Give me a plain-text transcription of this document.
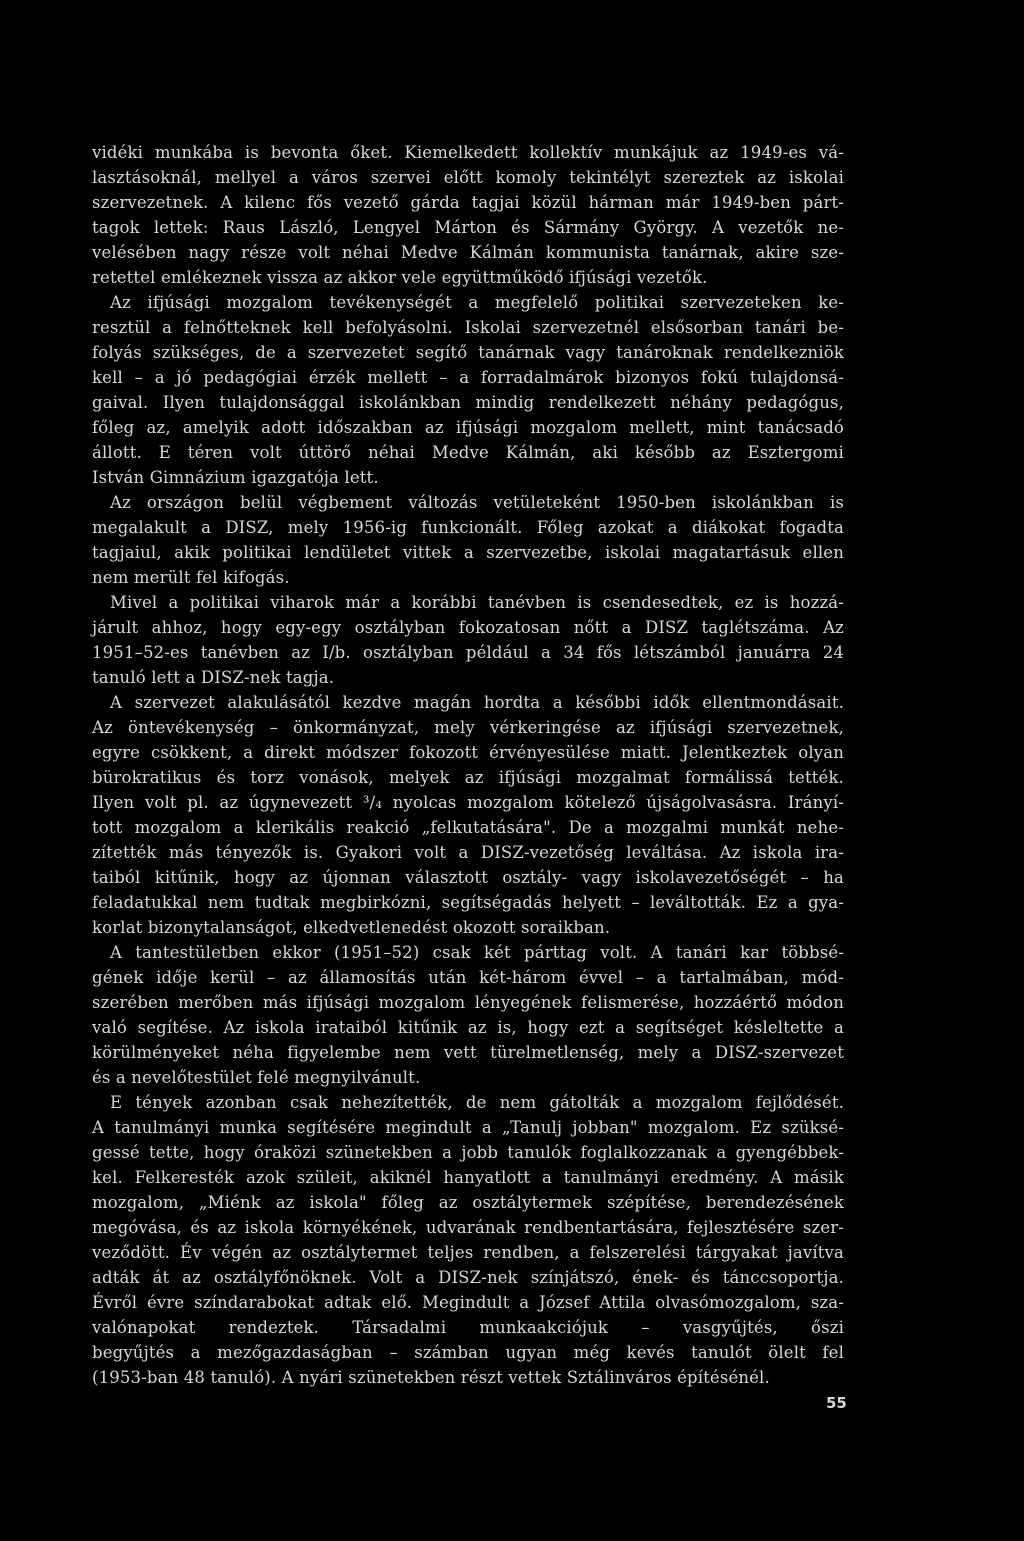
vidéki munkába is bevonta őket. Kiemelkedett kollektív munkájuk az 1949-es vá-
lasztásoknál, mellyel a város szervei előtt komoly tekintélyt szereztek az iskolai
szervezetnek. A kilenc fős vezető gárda tagjai közül hárman már 1949-ben párt-
tagok lettek: Raus László, Lengyel Márton és Sármány György. A vezetők ne-
velésében nagy része volt néhai Medve Kálmán kommunista tanárnak, akire sze-
retettel emlékeznek vissza az akkor vele együttműködő ifjúsági vezetők.
Az ifjúsági mozgalom tevékenységét a megfelelő politikai szervezeteken ke-
resztül a felnőtteknek kell befolyásolni. Iskolai szervezetnél elsősorban tanári be-
folyás szükséges, de a szervezetet segítő tanárnak vagy tanároknak rendelkezniök
kell – a jó pedagógiai érzék mellett – a forradalmárok bizonyos fokú tulajdonsá-
gaival. Ilyen tulajdonsággal iskolánkban mindig rendelkezett néhány pedagógus,
főleg az, amelyik adott időszakban az ifjúsági mozgalom mellett, mint tanácsadó
állott. E téren volt úttörő néhai Medve Kálmán, aki később az Esztergomi
István Gimnázium igazgatója lett.
Az országon belül végbement változás vetületeként 1950-ben iskolánkban is
megalakult a DISZ, mely 1956-ig funkcionált. Főleg azokat a diákokat fogadta
tagjaiul, akik politikai lendületet vittek a szervezetbe, iskolai magatartásuk ellen
nem merült fel kifogás.
Mivel a politikai viharok már a korábbi tanévben is csendesedtek, ez is hozzá-
járult ahhoz, hogy egy-egy osztályban fokozatosan nőtt a DISZ taglétszáma. Az
1951–52-es tanévben az I/b. osztályban például a 34 fős létszámból januárra 24
tanuló lett a DISZ-nek tagja.
A szervezet alakulásától kezdve magán hordta a későbbi idők ellentmondásait.
Az öntevékenység – önkormányzat, mely vérkeringése az ifjúsági szervezetnek,
egyre csökkent, a direkt módszer fokozott érvényesülése miatt. Jelentkeztek olyan
bürokratikus és torz vonások, melyek az ifjúsági mozgalmat formálissá tették.
Ilyen volt pl. az úgynevezett ³/₄ nyolcas mozgalom kötelező újságolvasásra. Irányí-
tott mozgalom a klerikális reakció „felkutatására". De a mozgalmi munkát nehe-
zítették más tényezők is. Gyakori volt a DISZ-vezetőség leváltása. Az iskola ira-
taiból kitűnik, hogy az újonnan választott osztály- vagy iskolavezetőségét – ha
feladatukkal nem tudtak megbirkózni, segítségadás helyett – leváltották. Ez a gya-
korlat bizonytalanságot, elkedvetlenedést okozott soraikban.
A tantestületben ekkor (1951–52) csak két párttag volt. A tanári kar többsé-
gének idője kerül – az államosítás után két-három évvel – a tartalmában, mód-
szerében merőben más ifjúsági mozgalom lényegének felismerése, hozzáértő módon
való segítése. Az iskola irataiból kitűnik az is, hogy ezt a segítséget késleltette a
körülményeket néha figyelembe nem vett türelmetlenség, mely a DISZ-szervezet
és a nevelőtestület felé megnyilvánult.
E tények azonban csak nehezítették, de nem gátolták a mozgalom fejlődését.
A tanulmányi munka segítésére megindult a „Tanulj jobban" mozgalom. Ez szüksé-
gessé tette, hogy óraközi szünetekben a jobb tanulók foglalkozzanak a gyengébbek-
kel. Felkeresték azok szüleit, akiknél hanyatlott a tanulmányi eredmény. A másik
mozgalom, „Miénk az iskola" főleg az osztálytermek szépítése, berendezésének
megóvása, és az iskola környékének, udvarának rendbentartására, fejlesztésére szer-
veződött. Év végén az osztálytermet teljes rendben, a felszerelési tárgyakat javítva
adták át az osztályfőnöknek. Volt a DISZ-nek színjátszó, ének- és tánccsoportja.
Évről évre színdarabokat adtak elő. Megindult a József Attila olvasómozgalom, sza-
valónapokat rendeztek. Társadalmi munkaakciójuk – vasgyűjtés, őszi
begyűjtés a mezőgazdaságban – számban ugyan még kevés tanulót ölelt fel
(1953-ban 48 tanuló). A nyári szünetekben részt vettek Sztálinváros építésénél.
55
